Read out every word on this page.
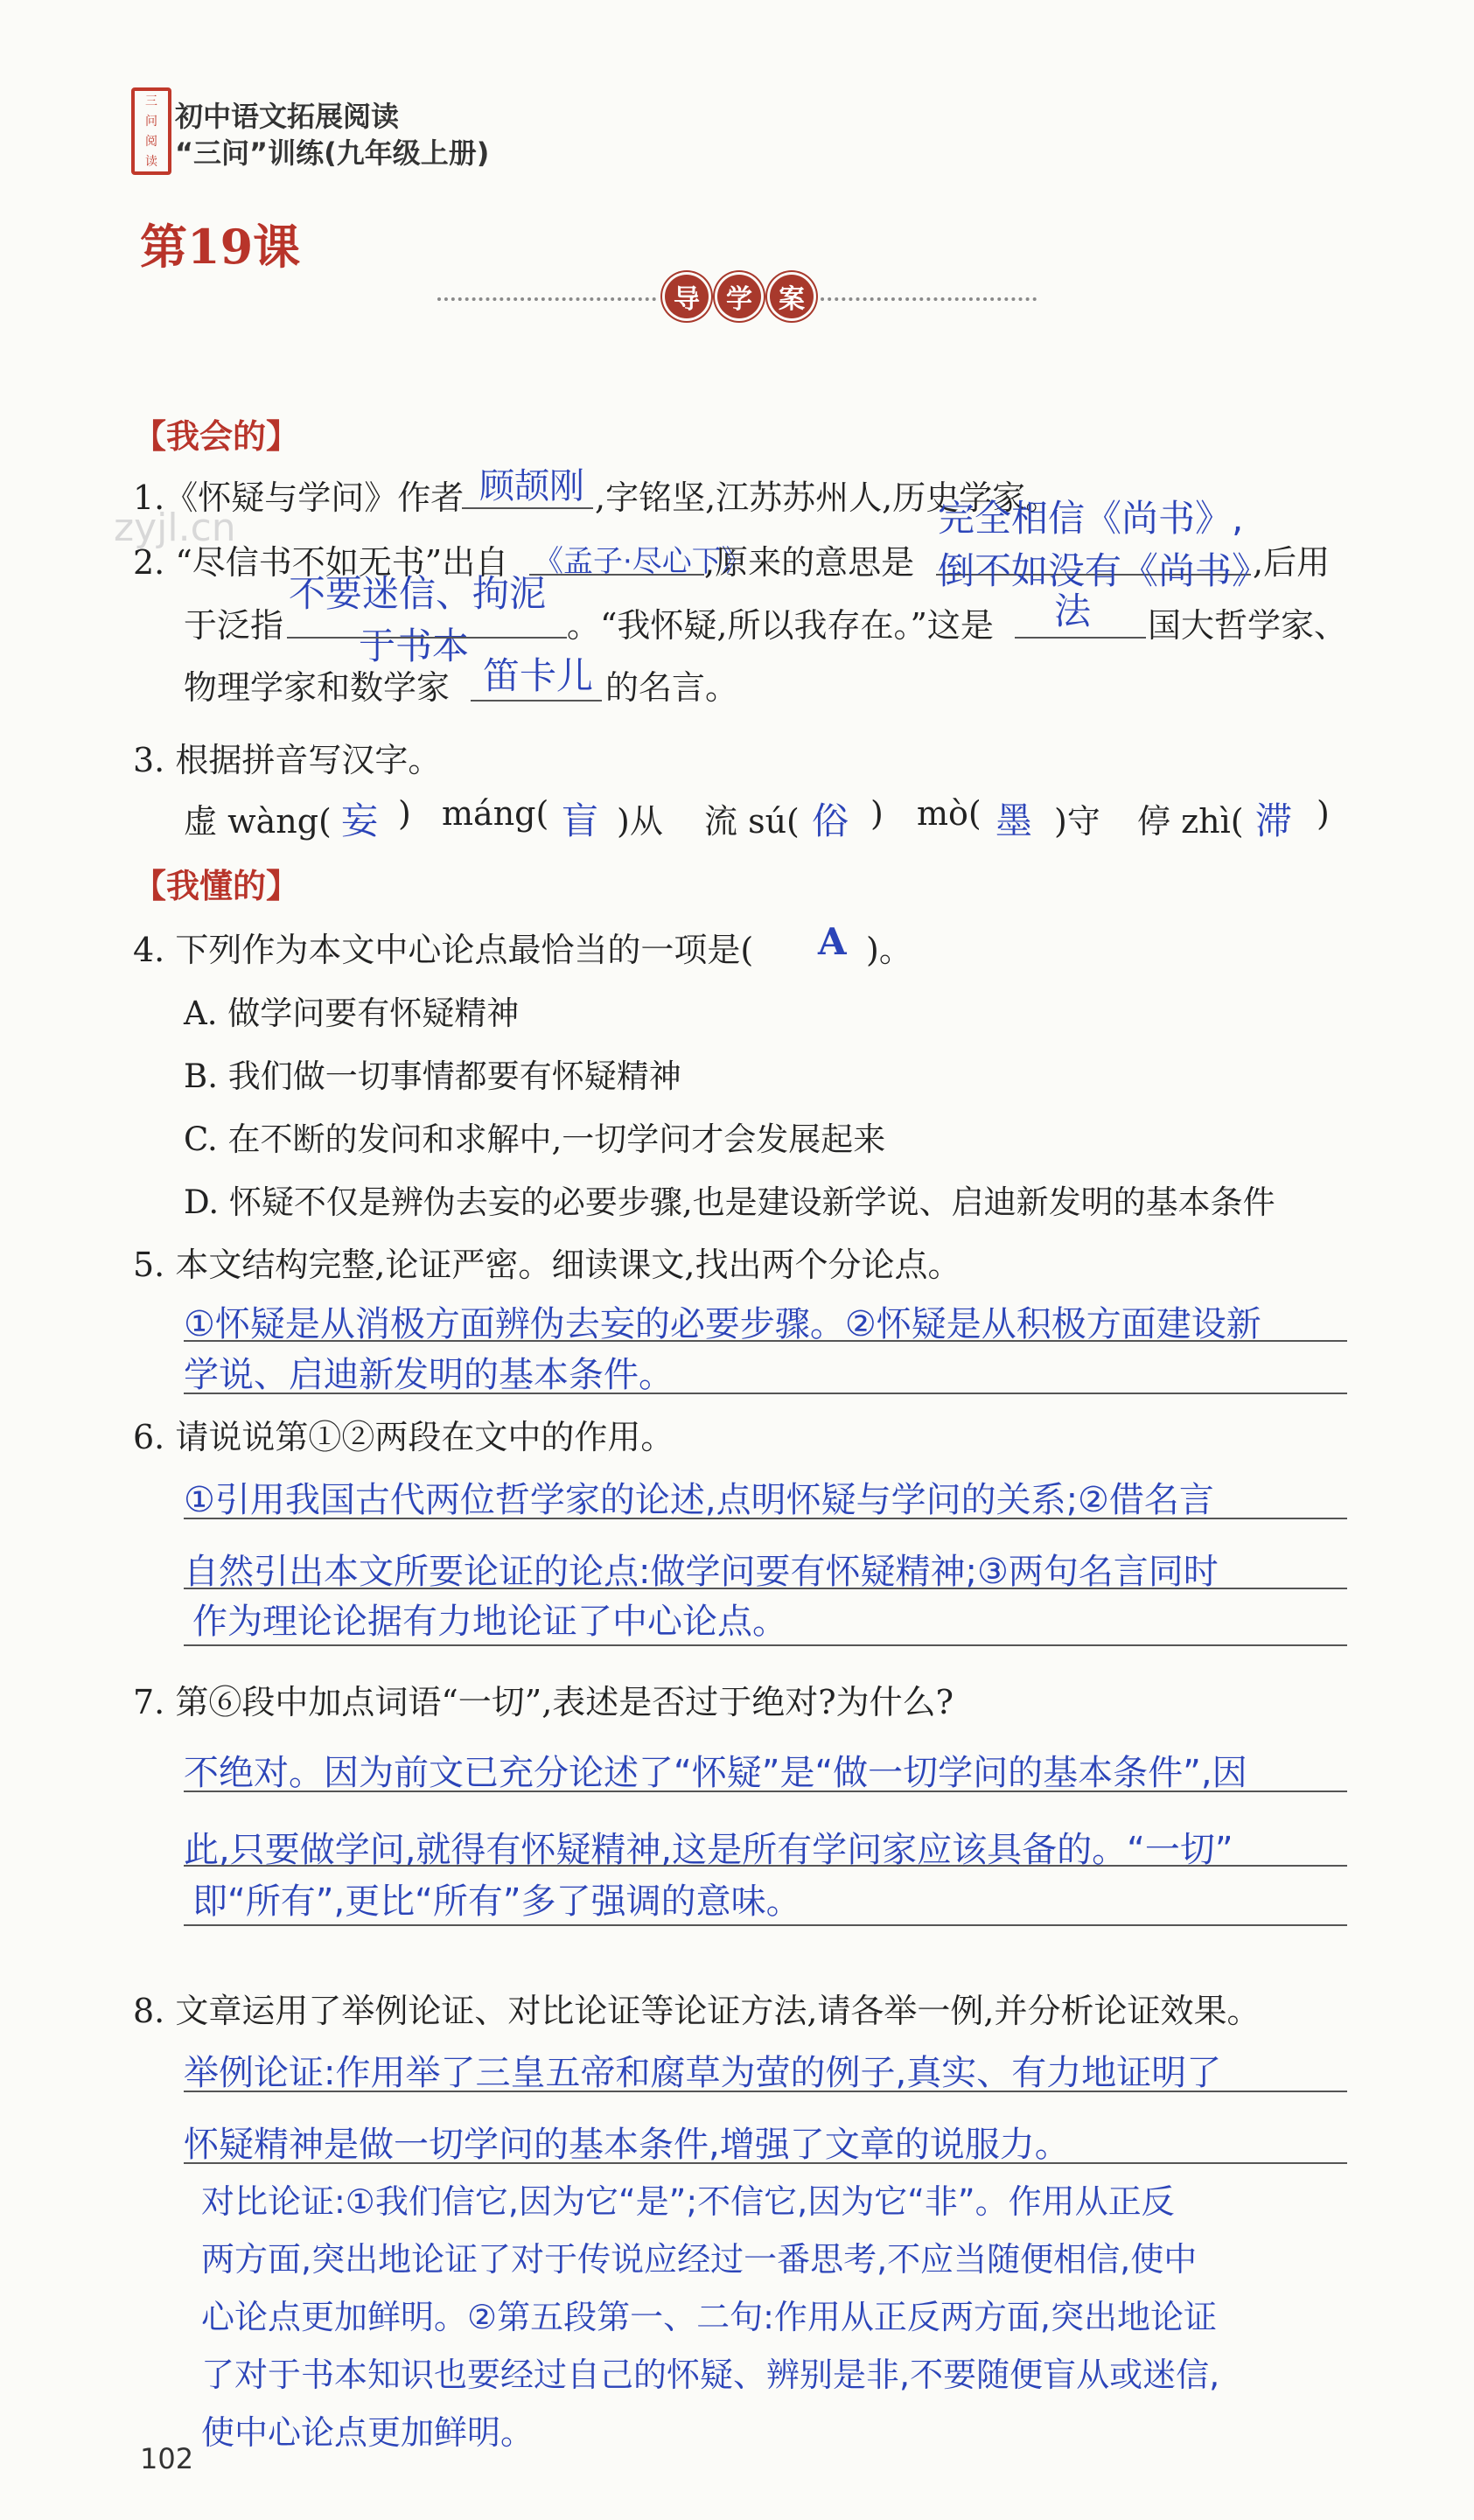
三
问
阅
读
初中语文拓展阅读
“三问”训练(九年级上册)
第19课
导	学	案
zyjl.cn
【我会的】
1.《怀疑与学问》作者 顾颉刚 ,字铭坚,江苏苏州人,历史学家。
2. “尽信书不如无书”出自 《孟子·尽心下》
,原来的意思是
完全相信《尚书》,
倒不如没有《尚书》
,后用
不要迷信、拘泥
于书本
于泛指	。“我怀疑,所以我存在。”这是 法 国大哲学家、
物理学家和数学家 笛卡儿 的名言。
3. 根据拼音写汉字。
虚 wàng( 妄 ) máng( 盲 )从 流 sú( 俗 ) mò( 墨 )守 停 zhì( 滞 )
【我懂的】
4. 下列作为本文中心论点最恰当的一项是( A )。
A. 做学问要有怀疑精神
B. 我们做一切事情都要有怀疑精神
C. 在不断的发问和求解中,一切学问才会发展起来
D. 怀疑不仅是辨伪去妄的必要步骤,也是建设新学说、启迪新发明的基本条件
5. 本文结构完整,论证严密。细读课文,找出两个分论点。
①怀疑是从消极方面辨伪去妄的必要步骤。②怀疑是从积极方面建设新
学说、启迪新发明的基本条件。
6. 请说说第①②两段在文中的作用。
①引用我国古代两位哲学家的论述,点明怀疑与学问的关系;②借名言
自然引出本文所要论证的论点:做学问要有怀疑精神;③两句名言同时
作为理论论据有力地论证了中心论点。
7. 第⑥段中加点词语“一切”,表述是否过于绝对?为什么?
不绝对。因为前文已充分论述了“怀疑”是“做一切学问的基本条件”,因
此,只要做学问,就得有怀疑精神,这是所有学问家应该具备的。“一切”
即“所有”,更比“所有”多了强调的意味。
8. 文章运用了举例论证、对比论证等论证方法,请各举一例,并分析论证效果。
举例论证:作用举了三皇五帝和腐草为萤的例子,真实、有力地证明了
怀疑精神是做一切学问的基本条件,增强了文章的说服力。
对比论证:①我们信它,因为它“是”;不信它,因为它“非”。作用从正反
两方面,突出地论证了对于传说应经过一番思考,不应当随便相信,使中
心论点更加鲜明。②第五段第一、二句:作用从正反两方面,突出地论证
了对于书本知识也要经过自己的怀疑、辨别是非,不要随便盲从或迷信,
使中心论点更加鲜明。
102
